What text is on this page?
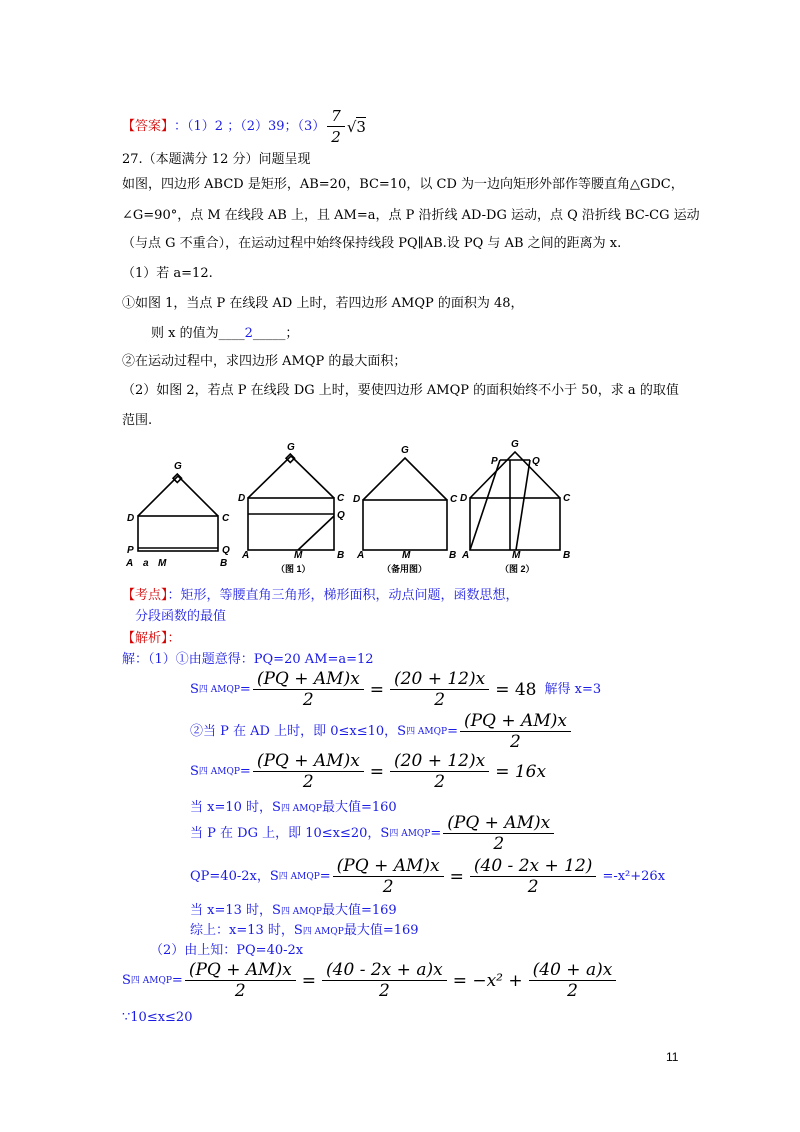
【答案】 ：（1）2 ；（2）39；$(3) \frac{7}{2} √3$
27.（本题满分 12 分）问题呈现
如图，四边形 ABCD 是矩形，AB=20，BC=10，以 CD 为一边向矩形外部作等腰直角△GDC，
∠G=90°，点 M 在线段 AB 上，且 AM=a，点 P 沿折线 AD-DG 运动，点 Q 沿折线 BC-CG 运动
（与点 G 不重合），在运动过程中始终保持线段 PQ∥AB.设 PQ 与 AB 之间的距离为 x.
（1）若 a=12.
①如图 1，当点 P 在线段 AD 上时，若四边形 AMQP 的面积为 48，
则 x 的值为____2_____；
②在运动过程中，求四边形 AMQP 的最大面积；
（2）如图 2，若点 P 在线段 DG 上时，要使四边形 AMQP 的面积始终不小于 50，求 a 的取值
范围.
G
D	C
P	Q
A a M	B
G
D	C
Q
A	M	B
G
D	C
A	M	B
G
P	Q
D	C
A	M	B
（图 1）	（备用图）	（图 2）
【考点】：矩形，等腰直角三角形，梯形面积，动点问题，函数思想，
分段函数的最值
【解析】：
解：（1）①由题意得：PQ=20 AM=a=12
S 四 AMQP = $\frac{(PQ + AM)x}{2} = \frac{(20 + 12)x}{2} = 48$ 解得 x=3
②当 P 在 AD 上时，即 0≤x≤10，S 四 AMQP = $\frac{(PQ + AM)x}{2}$
S 四 AMQP = $\frac{(PQ + AM)x}{2} = \frac{(20 + 12)x}{2} = 16x$
当 x=10 时，S四 AMQP最大值=160
当 P 在 DG 上，即 10≤x≤20，S 四 AMQP = $\frac{(PQ + AM)x}{2}$
QP=40-2x，S 四 AMQP = $\frac{(PQ + AM)x}{2} = \frac{(40 - 2x + 12)}{2} =-x^2+26x$
当 x=13 时，S四 AMQP最大值=169
综上：x=13 时，S四 AMQP最大值=169
（2）由上知：PQ=40-2x
S 四 AMQP = $\frac{(PQ + AM)x}{2} = \frac{(40 - 2x + a)x}{2} = -x^2 + \frac{(40 + a)x}{2}$
∵10≤x≤20
11
